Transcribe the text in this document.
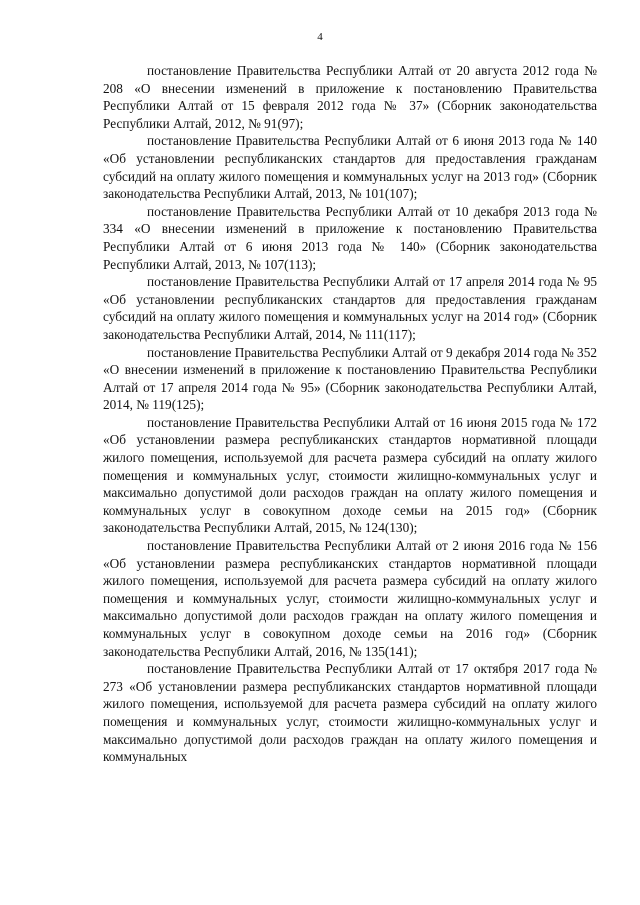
4

постановление Правительства Республики Алтай от 20 августа 2012 года № 208 «О внесении изменений в приложение к постановлению Правительства Республики Алтай от 15 февраля 2012 года № 37» (Сборник законодательства Республики Алтай, 2012, № 91(97);

постановление Правительства Республики Алтай от 6 июня 2013 года № 140 «Об установлении республиканских стандартов для предоставления гражданам субсидий на оплату жилого помещения и коммунальных услуг на 2013 год» (Сборник законодательства Республики Алтай, 2013, № 101(107);

постановление Правительства Республики Алтай от 10 декабря 2013 года № 334 «О внесении изменений в приложение к постановлению Правительства Республики Алтай от 6 июня 2013 года № 140» (Сборник законодательства Республики Алтай, 2013, № 107(113);

постановление Правительства Республики Алтай от 17 апреля 2014 года № 95 «Об установлении республиканских стандартов для предоставления гражданам субсидий на оплату жилого помещения и коммунальных услуг на 2014 год» (Сборник законодательства Республики Алтай, 2014, № 111(117);

постановление Правительства Республики Алтай от 9 декабря 2014 года № 352 «О внесении изменений в приложение к постановлению Правительства Республики Алтай от 17 апреля 2014 года № 95» (Сборник законодательства Республики Алтай, 2014, № 119(125);

постановление Правительства Республики Алтай от 16 июня 2015 года № 172 «Об установлении размера республиканских стандартов нормативной площади жилого помещения, используемой для расчета размера субсидий на оплату жилого помещения и коммунальных услуг, стоимости жилищно-коммунальных услуг и максимально допустимой доли расходов граждан на оплату жилого помещения и коммунальных услуг в совокупном доходе семьи на 2015 год» (Сборник законодательства Республики Алтай, 2015, № 124(130);

постановление Правительства Республики Алтай от 2 июня 2016 года № 156 «Об установлении размера республиканских стандартов нормативной площади жилого помещения, используемой для расчета размера субсидий на оплату жилого помещения и коммунальных услуг, стоимости жилищно-коммунальных услуг и максимально допустимой доли расходов граждан на оплату жилого помещения и коммунальных услуг в совокупном доходе семьи на 2016 год» (Сборник законодательства Республики Алтай, 2016, № 135(141);

постановление Правительства Республики Алтай от 17 октября 2017 года № 273 «Об установлении размера республиканских стандартов нормативной площади жилого помещения, используемой для расчета размера субсидий на оплату жилого помещения и коммунальных услуг, стоимости жилищно-коммунальных услуг и максимально допустимой доли расходов граждан на оплату жилого помещения и коммунальных
